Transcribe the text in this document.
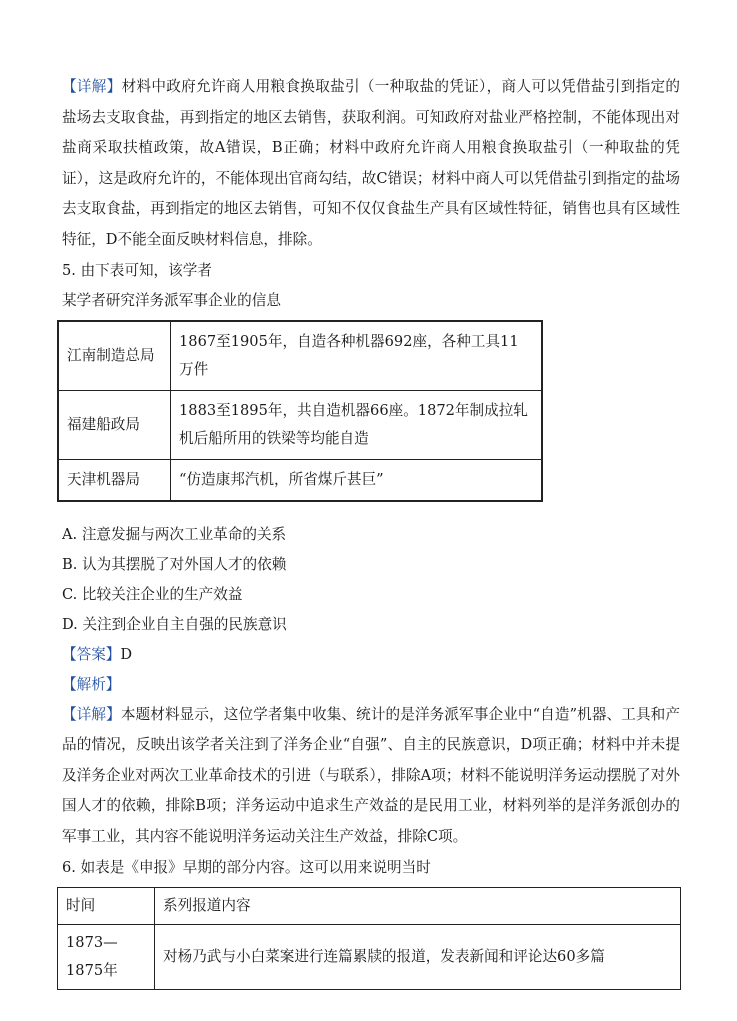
【详解】材料中政府允许商人用粮食换取盐引（一种取盐的凭证），商人可以凭借盐引到指定的盐场去支取食盐，再到指定的地区去销售，获取利润。可知政府对盐业严格控制，不能体现出对盐商采取扶植政策，故A错误，B正确；材料中政府允许商人用粮食换取盐引（一种取盐的凭证），这是政府允许的，不能体现出官商勾结，故C错误；材料中商人可以凭借盐引到指定的盐场去支取食盐，再到指定的地区去销售，可知不仅仅食盐生产具有区域性特征，销售也具有区域性特征，D不能全面反映材料信息，排除。

5. 由下表可知，该学者

某学者研究洋务派军事企业的信息

江南制造总局	1867至1905年，自造各种机器692座，各种工具11万件
福建船政局	1883至1895年，共自造机器66座。1872年制成拉轧机后船所用的铁梁等均能自造
天津机器局	“仿造康邦汽机，所省煤斤甚巨”
A. 注意发掘与两次工业革命的关系
B. 认为其摆脱了对外国人才的依赖
C. 比较关注企业的生产效益
D. 关注到企业自主自强的民族意识

【答案】D

【解析】

【详解】本题材料显示，这位学者集中收集、统计的是洋务派军事企业中“自造”机器、工具和产品的情况，反映出该学者关注到了洋务企业“自强”、自主的民族意识，D项正确；材料中并未提及洋务企业对两次工业革命技术的引进（与联系），排除A项；材料不能说明洋务运动摆脱了对外国人才的依赖，排除B项；洋务运动中追求生产效益的是民用工业，材料列举的是洋务派创办的军事工业，其内容不能说明洋务运动关注生产效益，排除C项。

6. 如表是《申报》早期的部分内容。这可以用来说明当时

时间	系列报道内容
1873—1875年	对杨乃武与小白菜案进行连篇累牍的报道，发表新闻和评论达60多篇
